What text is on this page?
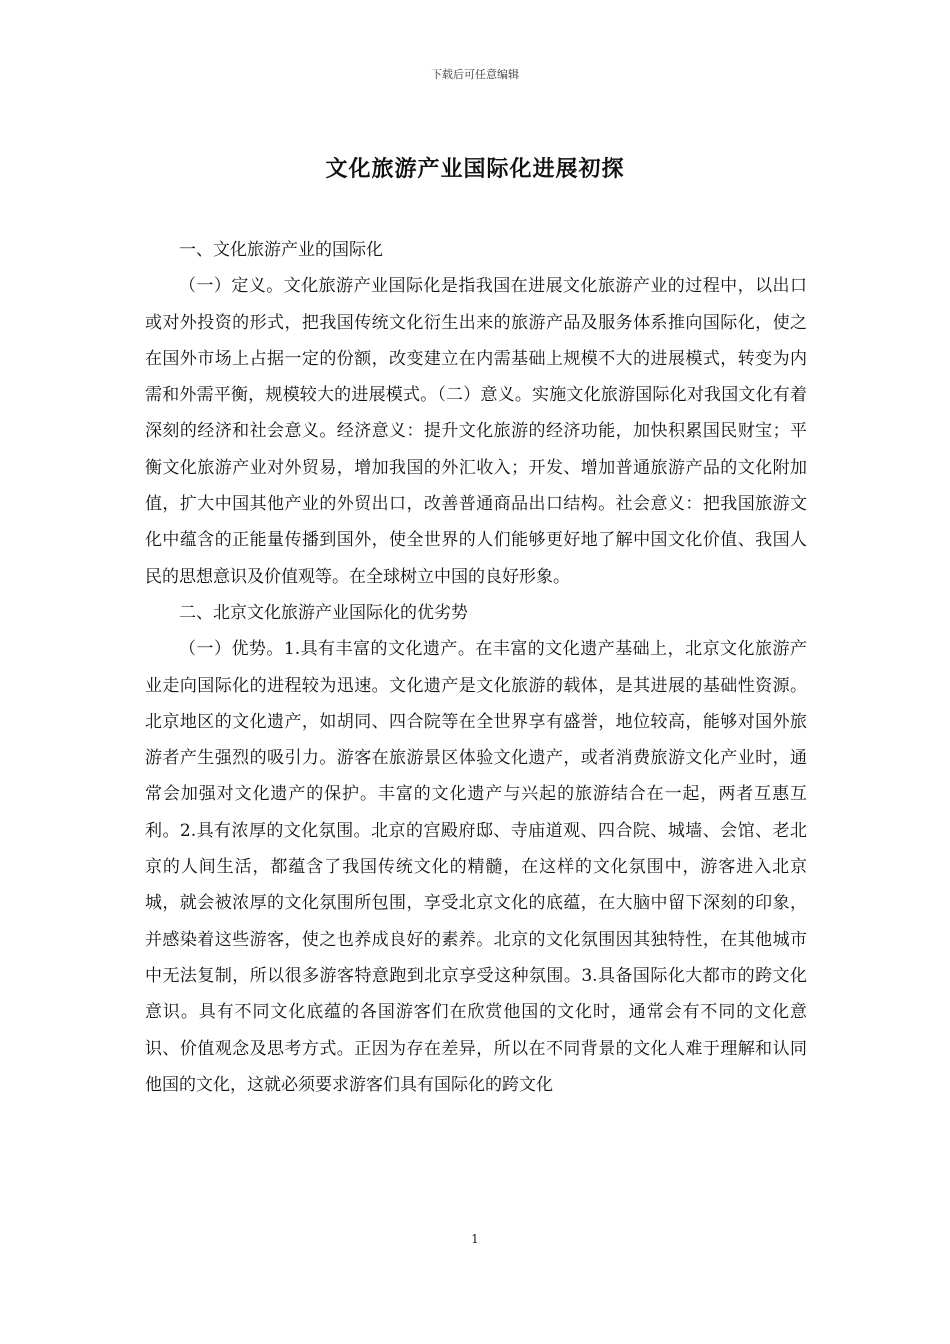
下载后可任意编辑
文化旅游产业国际化进展初探

一、文化旅游产业的国际化

（一）定义。文化旅游产业国际化是指我国在进展文化旅游产业的过程中，以出口或对外投资的形式，把我国传统文化衍生出来的旅游产品及服务体系推向国际化，使之在国外市场上占据一定的份额，改变建立在内需基础上规模不大的进展模式，转变为内需和外需平衡，规模较大的进展模式。（二）意义。实施文化旅游国际化对我国文化有着深刻的经济和社会意义。经济意义：提升文化旅游的经济功能，加快积累国民财宝；平衡文化旅游产业对外贸易，增加我国的外汇收入；开发、增加普通旅游产品的文化附加值，扩大中国其他产业的外贸出口，改善普通商品出口结构。社会意义：把我国旅游文化中蕴含的正能量传播到国外，使全世界的人们能够更好地了解中国文化价值、我国人民的思想意识及价值观等。在全球树立中国的良好形象。

二、北京文化旅游产业国际化的优劣势

（一）优势。1.具有丰富的文化遗产。在丰富的文化遗产基础上，北京文化旅游产业走向国际化的进程较为迅速。文化遗产是文化旅游的载体，是其进展的基础性资源。北京地区的文化遗产，如胡同、四合院等在全世界享有盛誉，地位较高，能够对国外旅游者产生强烈的吸引力。游客在旅游景区体验文化遗产，或者消费旅游文化产业时，通常会加强对文化遗产的保护。丰富的文化遗产与兴起的旅游结合在一起，两者互惠互利。2.具有浓厚的文化氛围。北京的宫殿府邸、寺庙道观、四合院、城墙、会馆、老北京的人间生活，都蕴含了我国传统文化的精髓，在这样的文化氛围中，游客进入北京城，就会被浓厚的文化氛围所包围，享受北京文化的底蕴，在大脑中留下深刻的印象，并感染着这些游客，使之也养成良好的素养。北京的文化氛围因其独特性，在其他城市中无法复制，所以很多游客特意跑到北京享受这种氛围。3.具备国际化大都市的跨文化意识。具有不同文化底蕴的各国游客们在欣赏他国的文化时，通常会有不同的文化意识、价值观念及思考方式。正因为存在差异，所以在不同背景的文化人难于理解和认同他国的文化，这就必须要求游客们具有国际化的跨文化

1
